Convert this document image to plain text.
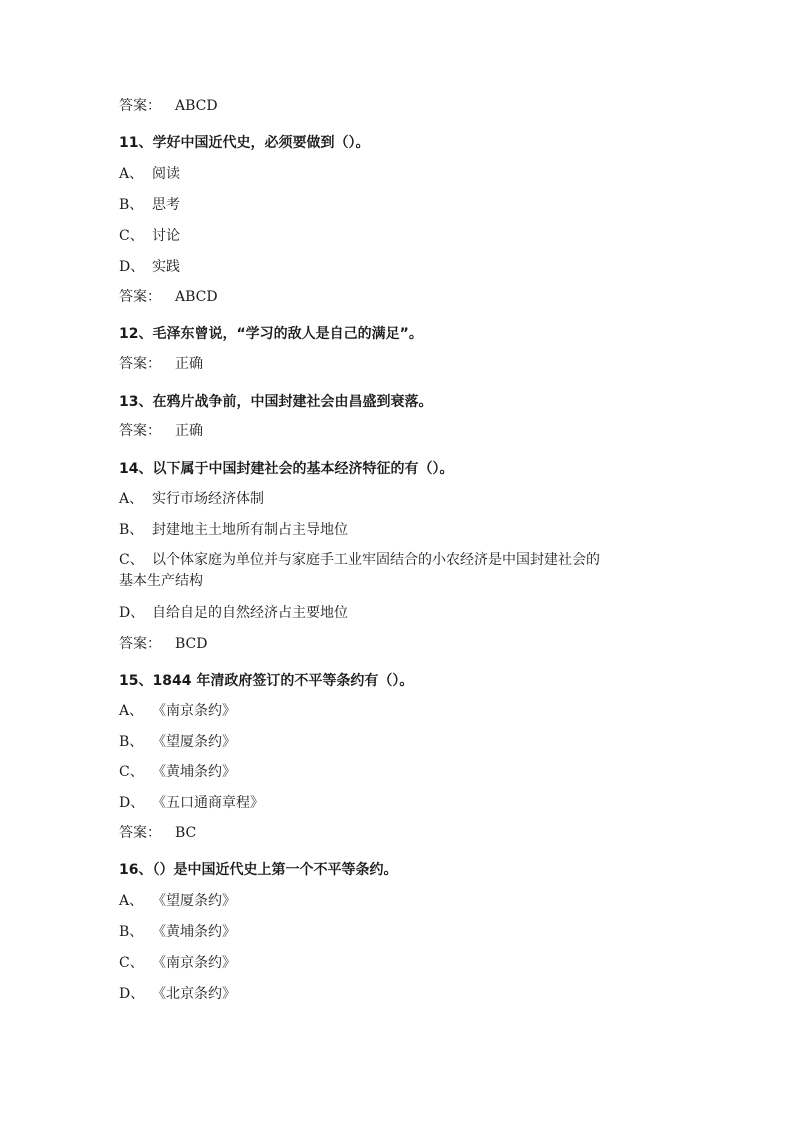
答案： ABCD
11、学好中国近代史，必须要做到（）。
A、 阅读
B、 思考
C、 讨论
D、 实践
答案： ABCD
12、毛泽东曾说，“学习的敌人是自己的满足”。
答案： 正确
13、在鸦片战争前，中国封建社会由昌盛到衰落。
答案： 正确
14、以下属于中国封建社会的基本经济特征的有（）。
A、 实行市场经济体制
B、 封建地主土地所有制占主导地位
C、 以个体家庭为单位并与家庭手工业牢固结合的小农经济是中国封建社会的
基本生产结构
D、 自给自足的自然经济占主要地位
答案： BCD
15、1844 年清政府签订的不平等条约有（）。
A、 《南京条约》
B、 《望厦条约》
C、 《黄埔条约》
D、 《五口通商章程》
答案： BC
16、（）是中国近代史上第一个不平等条约。
A、 《望厦条约》
B、 《黄埔条约》
C、 《南京条约》
D、 《北京条约》
